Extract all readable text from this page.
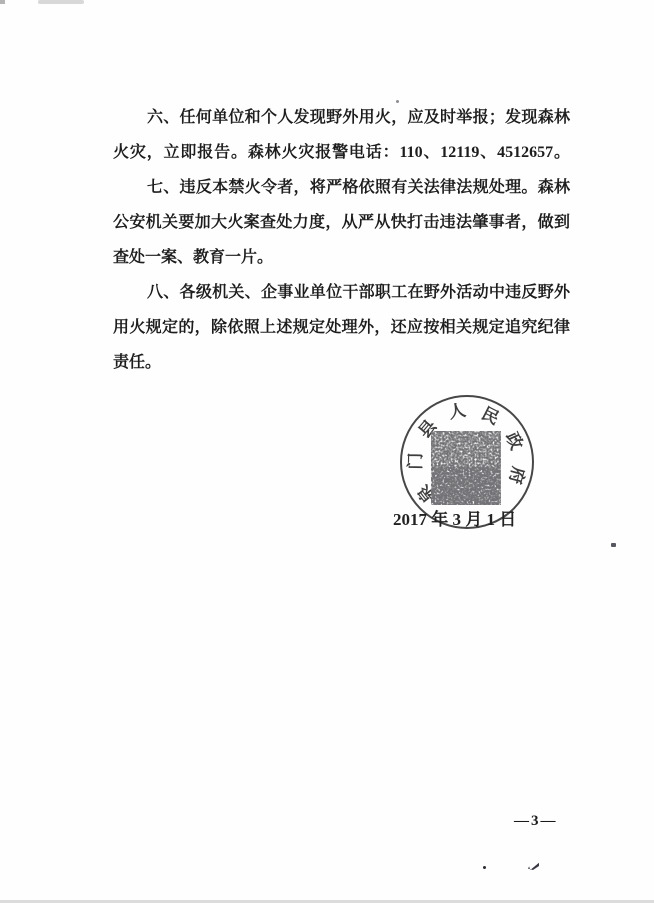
六、任何单位和个人发现野外用火，应及时举报；发现森林

火灾，立即报告。森林火灾报警电话：110、12119、4512657。

七、违反本禁火令者，将严格依照有关法律法规处理。森林

公安机关要加大火案查处力度，从严从快打击违法肇事者，做到

查处一案、教育一片。

八、各级机关、企事业单位干部职工在野外活动中违反野外

用火规定的，除依照上述规定处理外，还应按相关规定追究纪律

责任。

泉
门
县
人 民
政
府
2017 年 3 月 1 日
—3—
